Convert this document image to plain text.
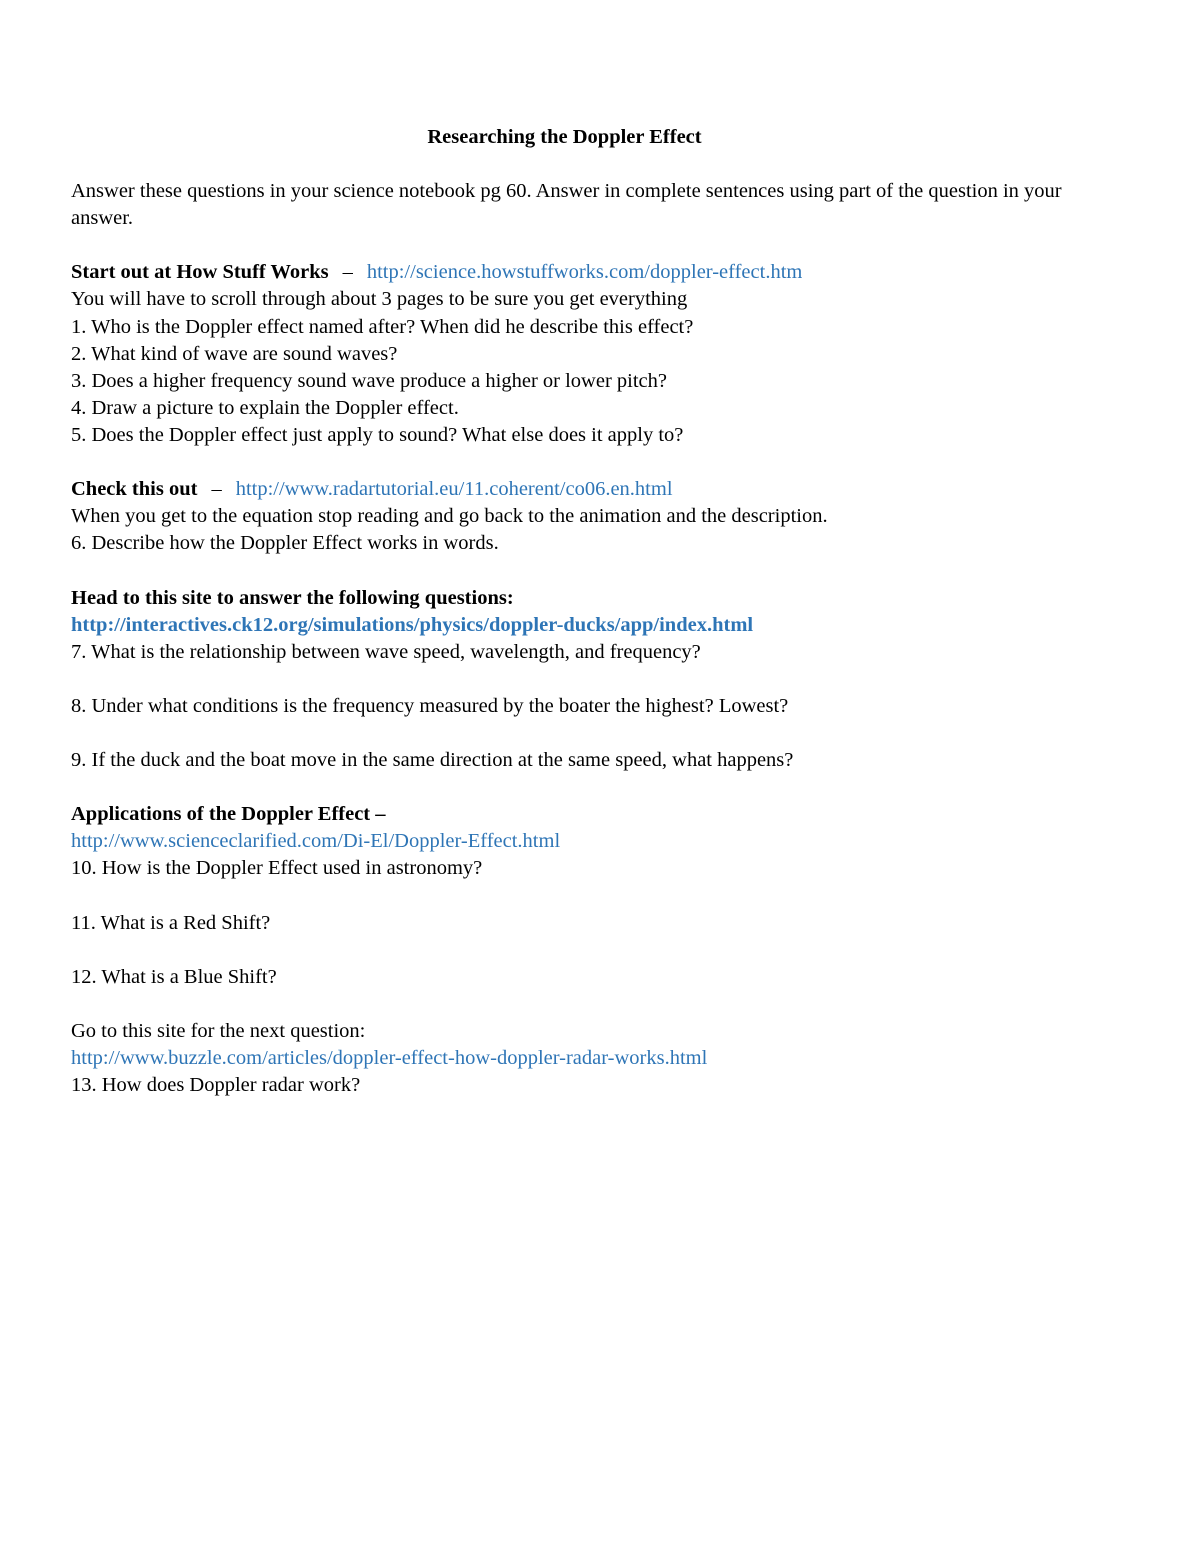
Researching the Doppler Effect
Answer these questions in your science notebook pg 60. Answer in complete sentences using part of the question in your answer.
Start out at How Stuff Works – http://science.howstuffworks.com/doppler-effect.htm
You will have to scroll through about 3 pages to be sure you get everything
1. Who is the Doppler effect named after? When did he describe this effect?
2. What kind of wave are sound waves?
3. Does a higher frequency sound wave produce a higher or lower pitch?
4. Draw a picture to explain the Doppler effect.
5. Does the Doppler effect just apply to sound? What else does it apply to?
Check this out – http://www.radartutorial.eu/11.coherent/co06.en.html
When you get to the equation stop reading and go back to the animation and the description.
6. Describe how the Doppler Effect works in words.
Head to this site to answer the following questions:
http://interactives.ck12.org/simulations/physics/doppler-ducks/app/index.html
7. What is the relationship between wave speed, wavelength, and frequency?
8. Under what conditions is the frequency measured by the boater the highest? Lowest?
9. If the duck and the boat move in the same direction at the same speed, what happens?
Applications of the Doppler Effect –
http://www.scienceclarified.com/Di-El/Doppler-Effect.html
10. How is the Doppler Effect used in astronomy?
11. What is a Red Shift?
12. What is a Blue Shift?
Go to this site for the next question:
http://www.buzzle.com/articles/doppler-effect-how-doppler-radar-works.html
13. How does Doppler radar work?
